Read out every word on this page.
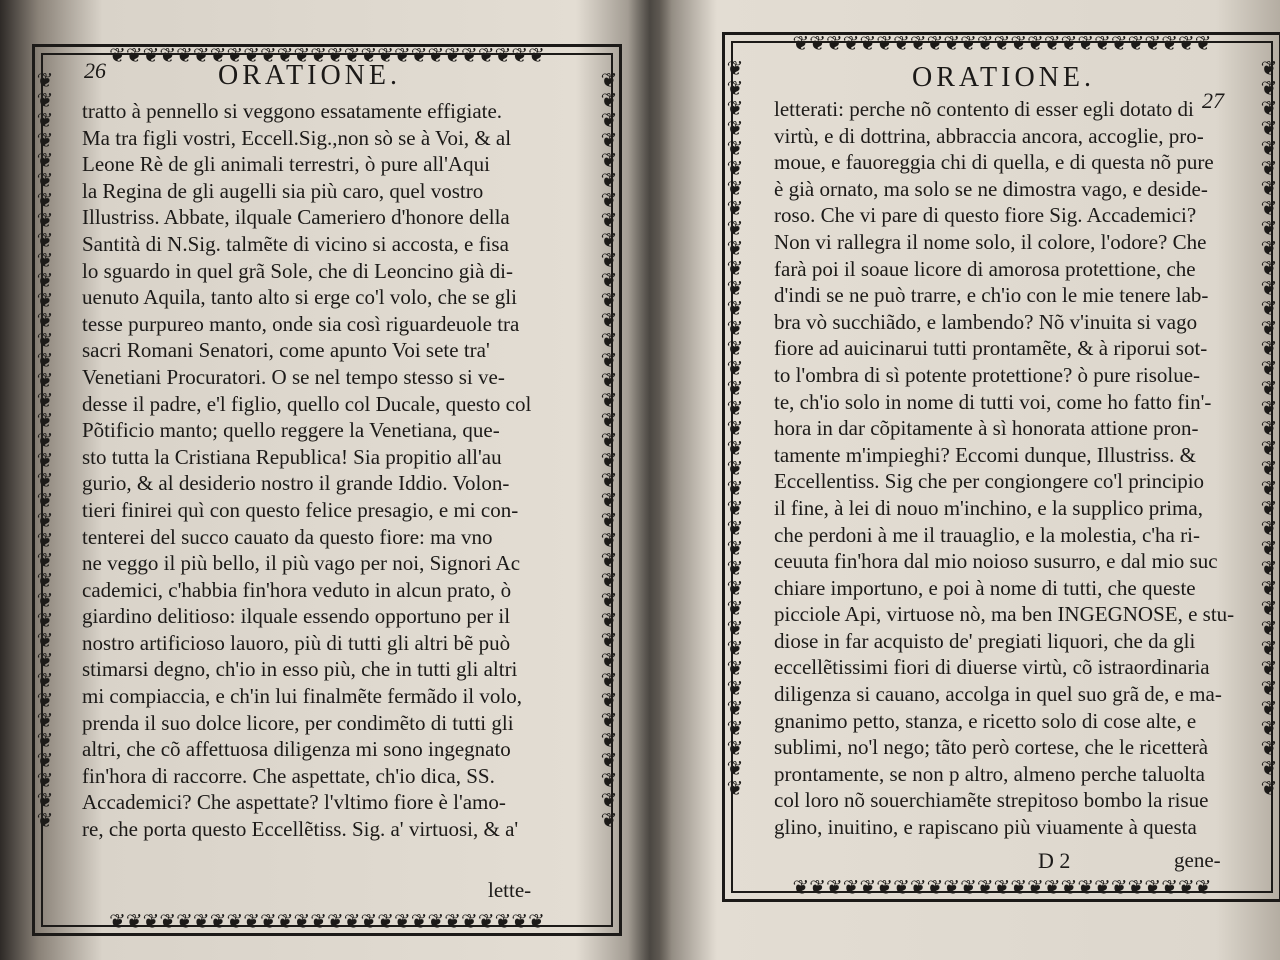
❦❦❦❦❦❦❦❦❦❦❦❦❦❦❦❦❦❦❦❦❦❦❦❦❦❦
❦❦❦❦❦❦❦❦❦❦❦❦❦❦❦❦❦❦❦❦❦❦❦❦❦❦
❦❦❦❦❦❦❦❦❦❦❦❦❦❦❦❦❦❦❦❦❦❦❦❦❦❦❦❦❦❦❦❦❦❦❦❦❦❦
❦❦❦❦❦❦❦❦❦❦❦❦❦❦❦❦❦❦❦❦❦❦❦❦❦❦❦❦❦❦❦❦❦❦❦❦❦❦
26	ORATIONE.
tratto à pennello si veggono essatamente effigiate.
Ma tra figli vostri, Eccell.Sig.,non sò se à Voi, & al
Leone Rè de gli animali terrestri, ò pure all'Aqui
la Regina de gli augelli sia più caro, quel vostro
Illustriss. Abbate, ilquale Cameriero d'honore della
Santità di N.Sig. talmẽte di vicino si accosta, e fisa
lo sguardo in quel grã Sole, che di Leoncino già di-
uenuto Aquila, tanto alto si erge co'l volo, che se gli
tesse purpureo manto, onde sia così riguardeuole tra
sacri Romani Senatori, come apunto Voi sete tra'
Venetiani Procuratori. O se nel tempo stesso si ve-
desse il padre, e'l figlio, quello col Ducale, questo col
Põtificio manto; quello reggere la Venetiana, que-
sto tutta la Cristiana Republica! Sia propitio all'au
gurio, & al desiderio nostro il grande Iddio. Volon-
tieri finirei quì con questo felice presagio, e mi con-
tenterei del succo cauato da questo fiore: ma vno
ne veggo il più bello, il più vago per noi, Signori Ac
cademici, c'habbia fin'hora veduto in alcun prato, ò
giardino delitioso: ilquale essendo opportuno per il
nostro artificioso lauoro, più di tutti gli altri bẽ può
stimarsi degno, ch'io in esso più, che in tutti gli altri
mi compiaccia, e ch'in lui finalmẽte fermãdo il volo,
prenda il suo dolce licore, per condimẽto di tutti gli
altri, che cõ affettuosa diligenza mi sono ingegnato
fin'hora di raccorre. Che aspettate, ch'io dica, SS.
Accademici? Che aspettate? l'vltimo fiore è l'amo-
re, che porta questo Eccellẽtiss. Sig. a' virtuosi, & a'
lette-
❦❦❦❦❦❦❦❦❦❦❦❦❦❦❦❦❦❦❦❦❦❦❦❦❦
❦❦❦❦❦❦❦❦❦❦❦❦❦❦❦❦❦❦❦❦❦❦❦❦❦
❦❦❦❦❦❦❦❦❦❦❦❦❦❦❦❦❦❦❦❦❦❦❦❦❦❦❦❦❦❦❦❦❦❦❦❦❦
❦❦❦❦❦❦❦❦❦❦❦❦❦❦❦❦❦❦❦❦❦❦❦❦❦❦❦❦❦❦❦❦❦❦❦❦❦
ORATIONE.
27
letterati: perche nõ contento di esser egli dotato di
virtù, e di dottrina, abbraccia ancora, accoglie, pro-
moue, e fauoreggia chi di quella, e di questa nõ pure
è già ornato, ma solo se ne dimostra vago, e deside-
roso. Che vi pare di questo fiore Sig. Accademici?
Non vi rallegra il nome solo, il colore, l'odore? Che
farà poi il soaue licore di amorosa protettione, che
d'indi se ne può trarre, e ch'io con le mie tenere lab-
bra vò succhiãdo, e lambendo? Nõ v'inuita si vago
fiore ad auicinarui tutti prontamẽte, & à riporui sot-
to l'ombra di sì potente protettione? ò pure risolue-
te, ch'io solo in nome di tutti voi, come ho fatto fin'-
hora in dar cõpitamente à sì honorata attione pron-
tamente m'impieghi? Eccomi dunque, Illustriss. &
Eccellentiss. Sig che per congiongere co'l principio
il fine, à lei di nouo m'inchino, e la supplico prima,
che perdoni à me il trauaglio, e la molestia, c'ha ri-
ceuuta fin'hora dal mio noioso susurro, e dal mio suc
chiare importuno, e poi à nome di tutti, che queste
picciole Api, virtuose nò, ma ben INGEGNOSE, e stu-
diose in far acquisto de' pregiati liquori, che da gli
eccellẽtissimi fiori di diuerse virtù, cõ istraordinaria
diligenza si cauano, accolga in quel suo grã de, e ma-
gnanimo petto, stanza, e ricetto solo di cose alte, e
sublimi, no'l nego; tãto però cortese, che le ricetterà
prontamente, se non p altro, almeno perche taluolta
col loro nõ souerchiamẽte strepitoso bombo la risue
glino, inuitino, e rapiscano più viuamente à questa
D 2	gene-
